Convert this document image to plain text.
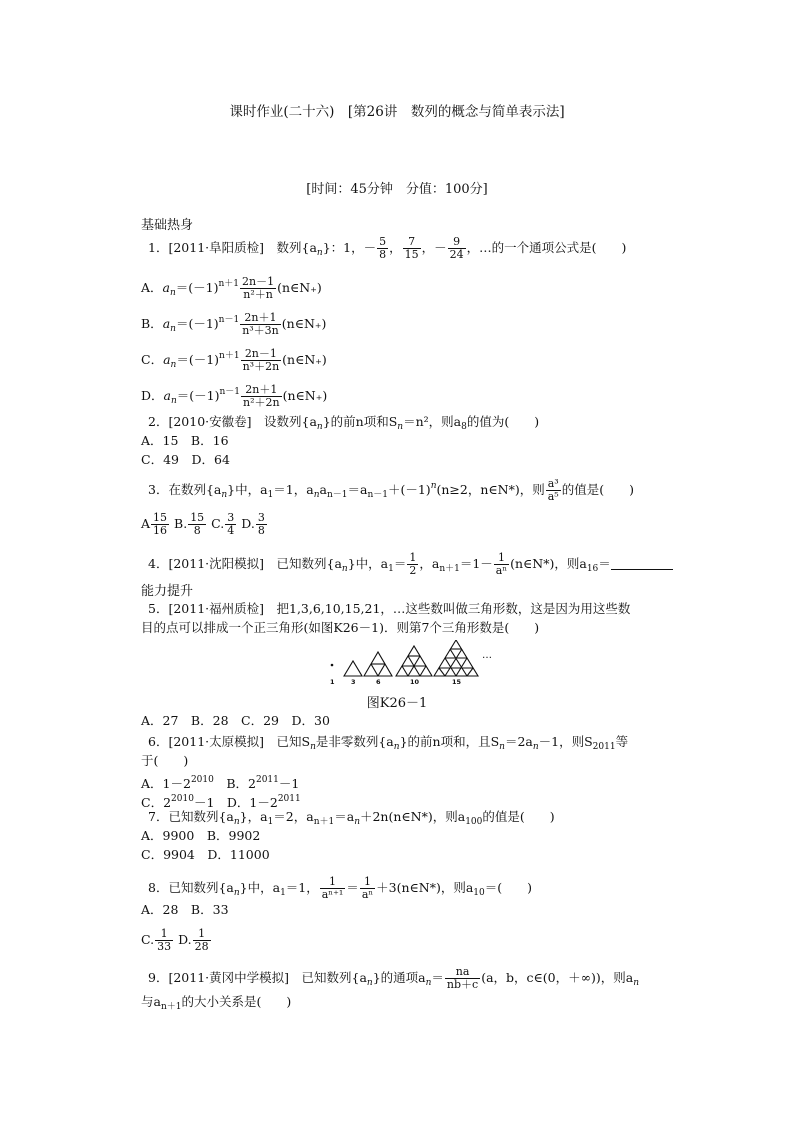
课时作业(二十六)　[第26讲　数列的概念与简单表示法]
[时间：45分钟　分值：100分]
基础热身
1．[2011·阜阳质检]　数列$\{a_n\}$：1，－ $\frac{5}{8}$ ， $\frac{7}{15}$ ，－ $\frac{9}{24}$ ，…的一个通项公式是(　　)
A．$a_n=(-1)^{n+1} \frac{2n-1}{\text{n²＋n}}$ (n∈N₊)
B．$a_n=(-1)^{n-1} \frac{2n+1}{\text{n³＋3n}}$ (n∈N₊)
C．$a_n=(-1)^{n+1} \frac{2n-1}{\text{n³＋2n}}$ (n∈N₊)
D．$a_n=(-1)^{n-1} \frac{2n+1}{\text{n²＋2n}}$ (n∈N₊)
2．[2010·安徽卷]　设数列$\{a_n\}$的前n项和$S_n=n^2$，则$a_8$的值为(　　)
A．15　B．16
C．49　D．64
3．在数列$\{a_n\}$中，$a_1=1$，$a_na_{n-1}=a_{n-1}+(-1)^n(n\ge 2$，n∈N*)，则 $\frac{\text{a³}}{\text{a⁵}}$ 的值是(　　)
A $\frac{15}{16} B$. $\frac{15}{8} C$. $\frac{3}{4} D$. $\frac{3}{8}$
4．[2011·沈阳模拟]　已知数列$\{a_n\}$中，$a_1= \frac{1}{2}$ ，$a_{n+1}=1- \frac{1}{\text{aⁿ}}$ (n∈N*)，则$a_{16}=$
能力提升
5．[2011·福州质检]　把1,3,6,10,15,21，…这些数叫做三角形数，这是因为用这些数
目的点可以排成一个正三角形(如图K26－1)．则第7个三角形数是(　　)
…
1	3	6	10	15
图K26－1
A．27　B．28　C．29　D．30
6．[2011·太原模拟]　已知$S_n$是非零数列$\{a_n\}$的前n项和，且$S_n=2a_n-1$，则$S_{2011}$等
于(　　)
A．$1-2^{2010}$　B．$2^{2011}-1$
C．$2^{2010}-1$　D．$1-2^{2011}$
7．已知数列$\{a_n\}$，$a_1=2$，$a_{n+1}=a_n+2n(n\in N*)$，则$a_{100}$的值是(　　)
A．9900　B．9902
C．9904　D．11000
8．已知数列$\{a_n\}$中，$a_1=1$， $\frac{1}{\text{aⁿ⁺¹}} = \frac{1}{\text{aⁿ}}$ ＋3(n∈N*)，则$a_{10}=$(　　)
A．28　B．33
C. $\frac{1}{33} D$. $\frac{1}{28}$
9．[2011·黄冈中学模拟]　已知数列$\{a_n\}$的通项$a_n= \frac{na}{nb+c} (a$，b，c∈(0，＋∞))，则$a_n$
与$a_{n+1}$的大小关系是(　　)
